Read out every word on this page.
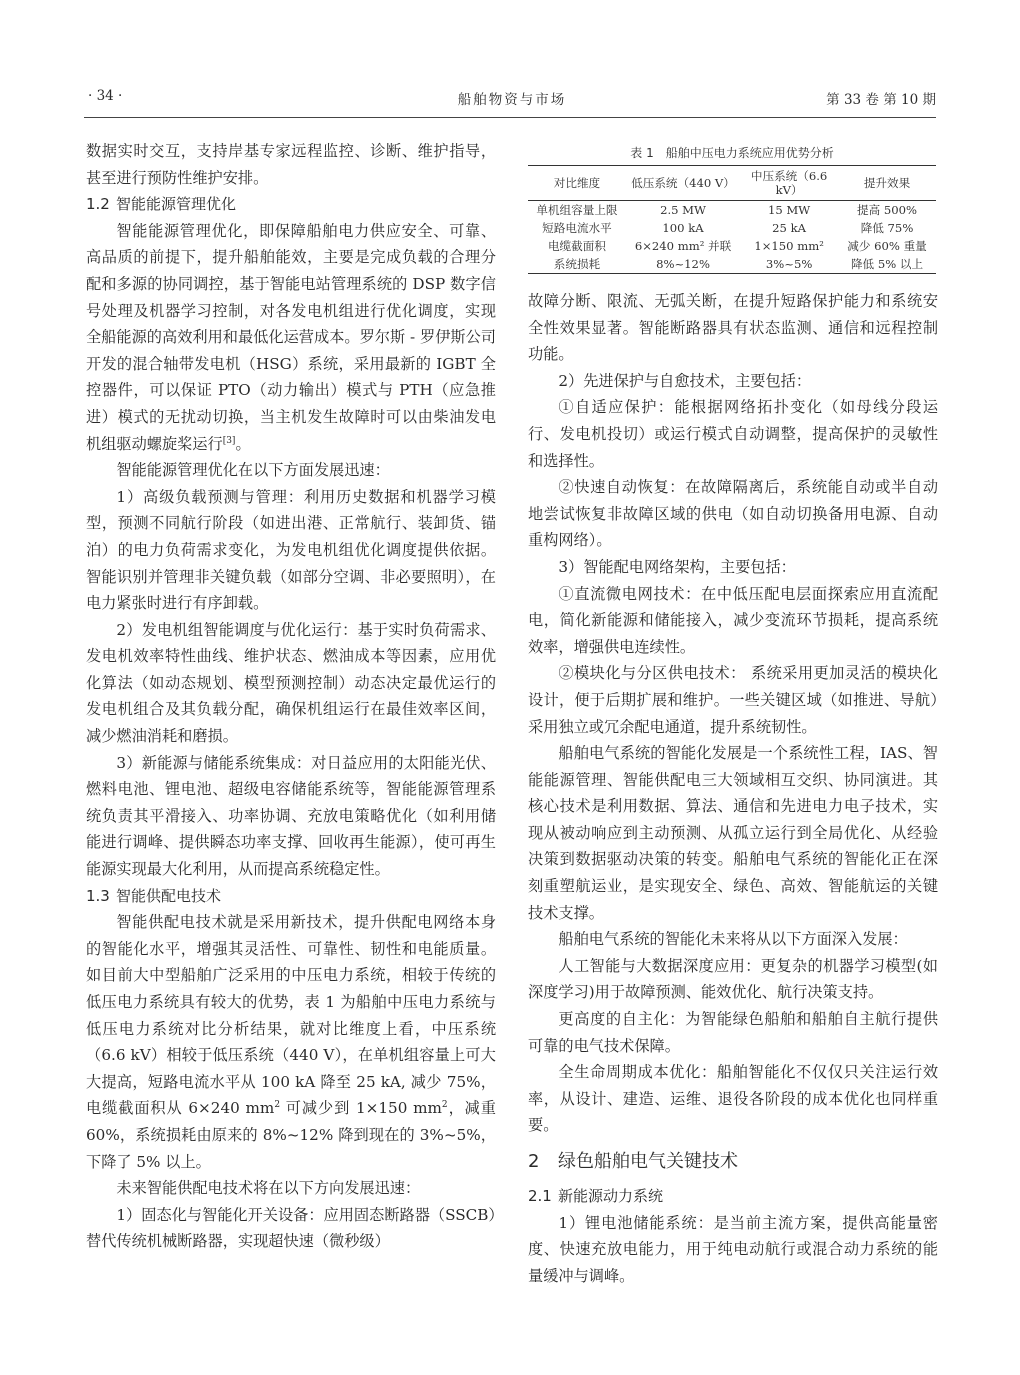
· 34 ·	船舶物资与市场	第 33 卷 第 10 期

数据实时交互，支持岸基专家远程监控、诊断、维护指导，甚至进行预防性维护安排。

1.2 智能能源管理优化

智能能源管理优化，即保障船舶电力供应安全、可靠、高品质的前提下，提升船舶能效，主要是完成负载的合理分配和多源的协同调控，基于智能电站管理系统的 DSP 数字信号处理及机器学习控制，对各发电机组进行优化调度，实现全船能源的高效利用和最低化运营成本。罗尔斯 - 罗伊斯公司开发的混合轴带发电机（HSG）系统，采用最新的 IGBT 全控器件，可以保证 PTO（动力输出）模式与 PTH（应急推进）模式的无扰动切换，当主机发生故障时可以由柴油发电机组驱动螺旋桨运行[3]。

智能能源管理优化在以下方面发展迅速：

1）高级负载预测与管理：利用历史数据和机器学习模型，预测不同航行阶段（如进出港、正常航行、装卸货、锚泊）的电力负荷需求变化，为发电机组优化调度提供依据。智能识别并管理非关键负载（如部分空调、非必要照明），在电力紧张时进行有序卸载。

2）发电机组智能调度与优化运行：基于实时负荷需求、发电机效率特性曲线、维护状态、燃油成本等因素，应用优化算法（如动态规划、模型预测控制）动态决定最优运行的发电机组合及其负载分配，确保机组运行在最佳效率区间，减少燃油消耗和磨损。

3）新能源与储能系统集成：对日益应用的太阳能光伏、燃料电池、锂电池、超级电容储能系统等，智能能源管理系统负责其平滑接入、功率协调、充放电策略优化（如利用储能进行调峰、提供瞬态功率支撑、回收再生能源），使可再生能源实现最大化利用，从而提高系统稳定性。

1.3 智能供配电技术

智能供配电技术就是采用新技术，提升供配电网络本身的智能化水平，增强其灵活性、可靠性、韧性和电能质量。如目前大中型船舶广泛采用的中压电力系统，相较于传统的低压电力系统具有较大的优势，表 1 为船舶中压电力系统与低压电力系统对比分析结果，就对比维度上看，中压系统（6.6 kV）相较于低压系统（440 V），在单机组容量上可大大提高，短路电流水平从 100 kA 降至 25 kA, 减少 75%，电缆截面积从 6×240 $mm^2$ 可减少到 1×150 $mm^2$，减重 60%，系统损耗由原来的 8%~12% 降到现在的 3%~5%，下降了 5% 以上。

未来智能供配电技术将在以下方向发展迅速：

1）固态化与智能化开关设备：应用固态断路器（SSCB）替代传统机械断路器，实现超快速（微秒级）

表 1　船舶中压电力系统应用优势分析
对比维度	低压系统（440 V）	中压系统（6.6 kV）	提升效果
单机组容量上限	2.5 MW	15 MW	提高 500%
短路电流水平	100 kA	25 kA	降低 75%
电缆截面积	6×240 mm² 并联	1×150 mm²	减少 60% 重量
系统损耗	8%~12%	3%~5%	降低 5% 以上

故障分断、限流、无弧关断，在提升短路保护能力和系统安全性效果显著。智能断路器具有状态监测、通信和远程控制功能。

2）先进保护与自愈技术，主要包括：

①自适应保护：能根据网络拓扑变化（如母线分段运行、发电机投切）或运行模式自动调整，提高保护的灵敏性和选择性。

②快速自动恢复：在故障隔离后，系统能自动或半自动地尝试恢复非故障区域的供电（如自动切换备用电源、自动重构网络）。

3）智能配电网络架构，主要包括：

①直流微电网技术：在中低压配电层面探索应用直流配电，简化新能源和储能接入，减少变流环节损耗，提高系统效率，增强供电连续性。

②模块化与分区供电技术： 系统采用更加灵活的模块化设计，便于后期扩展和维护。一些关键区域（如推进、导航）采用独立或冗余配电通道，提升系统韧性。

船舶电气系统的智能化发展是一个系统性工程，IAS、智能能源管理、智能供配电三大领域相互交织、协同演进。其核心技术是利用数据、算法、通信和先进电力电子技术，实现从被动响应到主动预测、从孤立运行到全局优化、从经验决策到数据驱动决策的转变。船舶电气系统的智能化正在深刻重塑航运业，是实现安全、绿色、高效、智能航运的关键技术支撑。

船舶电气系统的智能化未来将从以下方面深入发展：

人工智能与大数据深度应用：更复杂的机器学习模型(如深度学习)用于故障预测、能效优化、航行决策支持。

更高度的自主化：为智能绿色船舶和船舶自主航行提供可靠的电气技术保障。

全生命周期成本优化：船舶智能化不仅仅只关注运行效率，从设计、建造、运维、退役各阶段的成本优化也同样重要。

2 绿色船舶电气关键技术
2.1 新能源动力系统

1）锂电池储能系统：是当前主流方案，提供高能量密度、快速充放电能力，用于纯电动航行或混合动力系统的能量缓冲与调峰。
